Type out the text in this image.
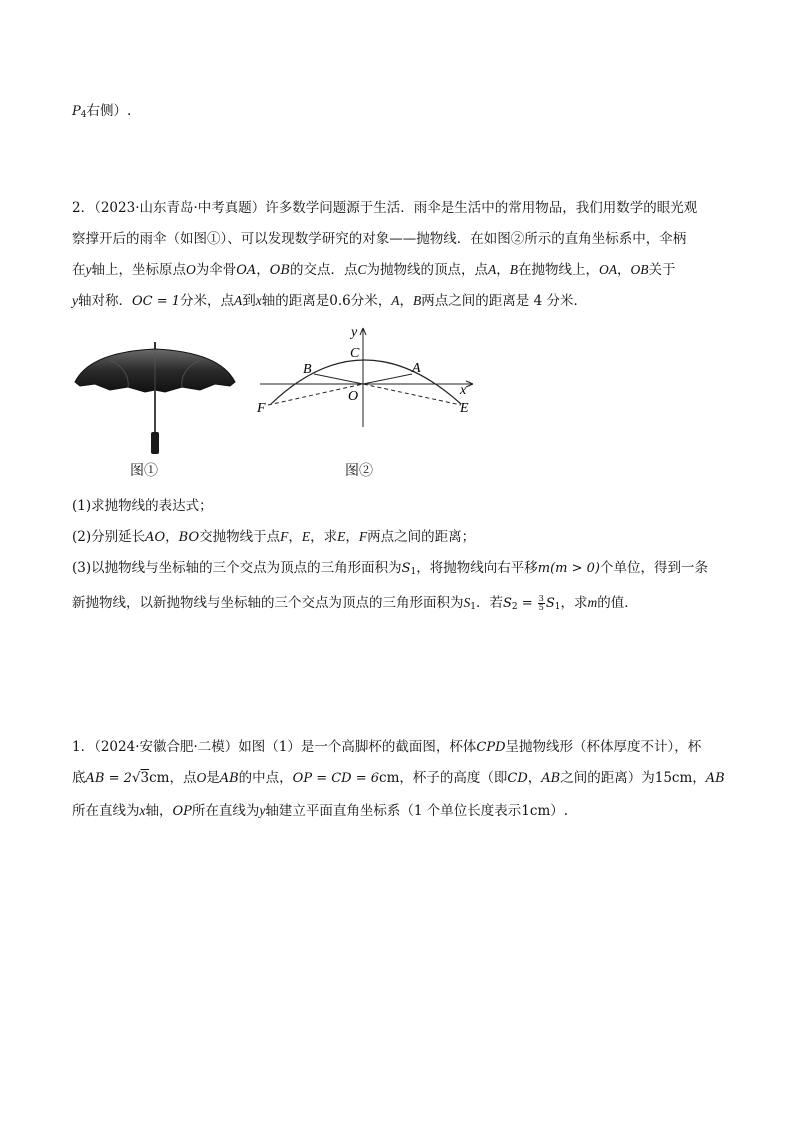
$P_4$右侧）.
2．（2023·山东青岛·中考真题）许多数学问题源于生活．雨伞是生活中的常用物品，我们用数学的眼光观
察撑开后的雨伞（如图①）、可以发现数学研究的对象——抛物线．在如图②所示的直角坐标系中，伞柄
在y轴上，坐标原点O为伞骨OA，OB的交点．点C为抛物线的顶点，点A，B在抛物线上，OA，OB关于
y轴对称．OC = 1分米，点A到x轴的距离是0.6分米，A，B两点之间的距离是 4 分米．
y
x
C
B	A
O
F	E
图①	图②
(1)求抛物线的表达式；
(2)分别延长AO，BO交抛物线于点F，E，求E，F两点之间的距离；
(3)以抛物线与坐标轴的三个交点为顶点的三角形面积为$S_1$，将抛物线向右平移m(m > 0)个单位，得到一条
新抛物线，以新抛物线与坐标轴的三个交点为顶点的三角形面积为$S_1$．若$S_2 = \frac{3}{5} S_1$，求m的值．
1．（2024·安徽合肥·二模）如图（1）是一个高脚杯的截面图，杯体CPD呈抛物线形（杯体厚度不计），杯
底AB = 2√3cm，点O是AB的中点，OP = CD = 6cm，杯子的高度（即CD，AB之间的距离）为15cm，AB
所在直线为x轴，OP所在直线为y轴建立平面直角坐标系（1 个单位长度表示1cm）.
